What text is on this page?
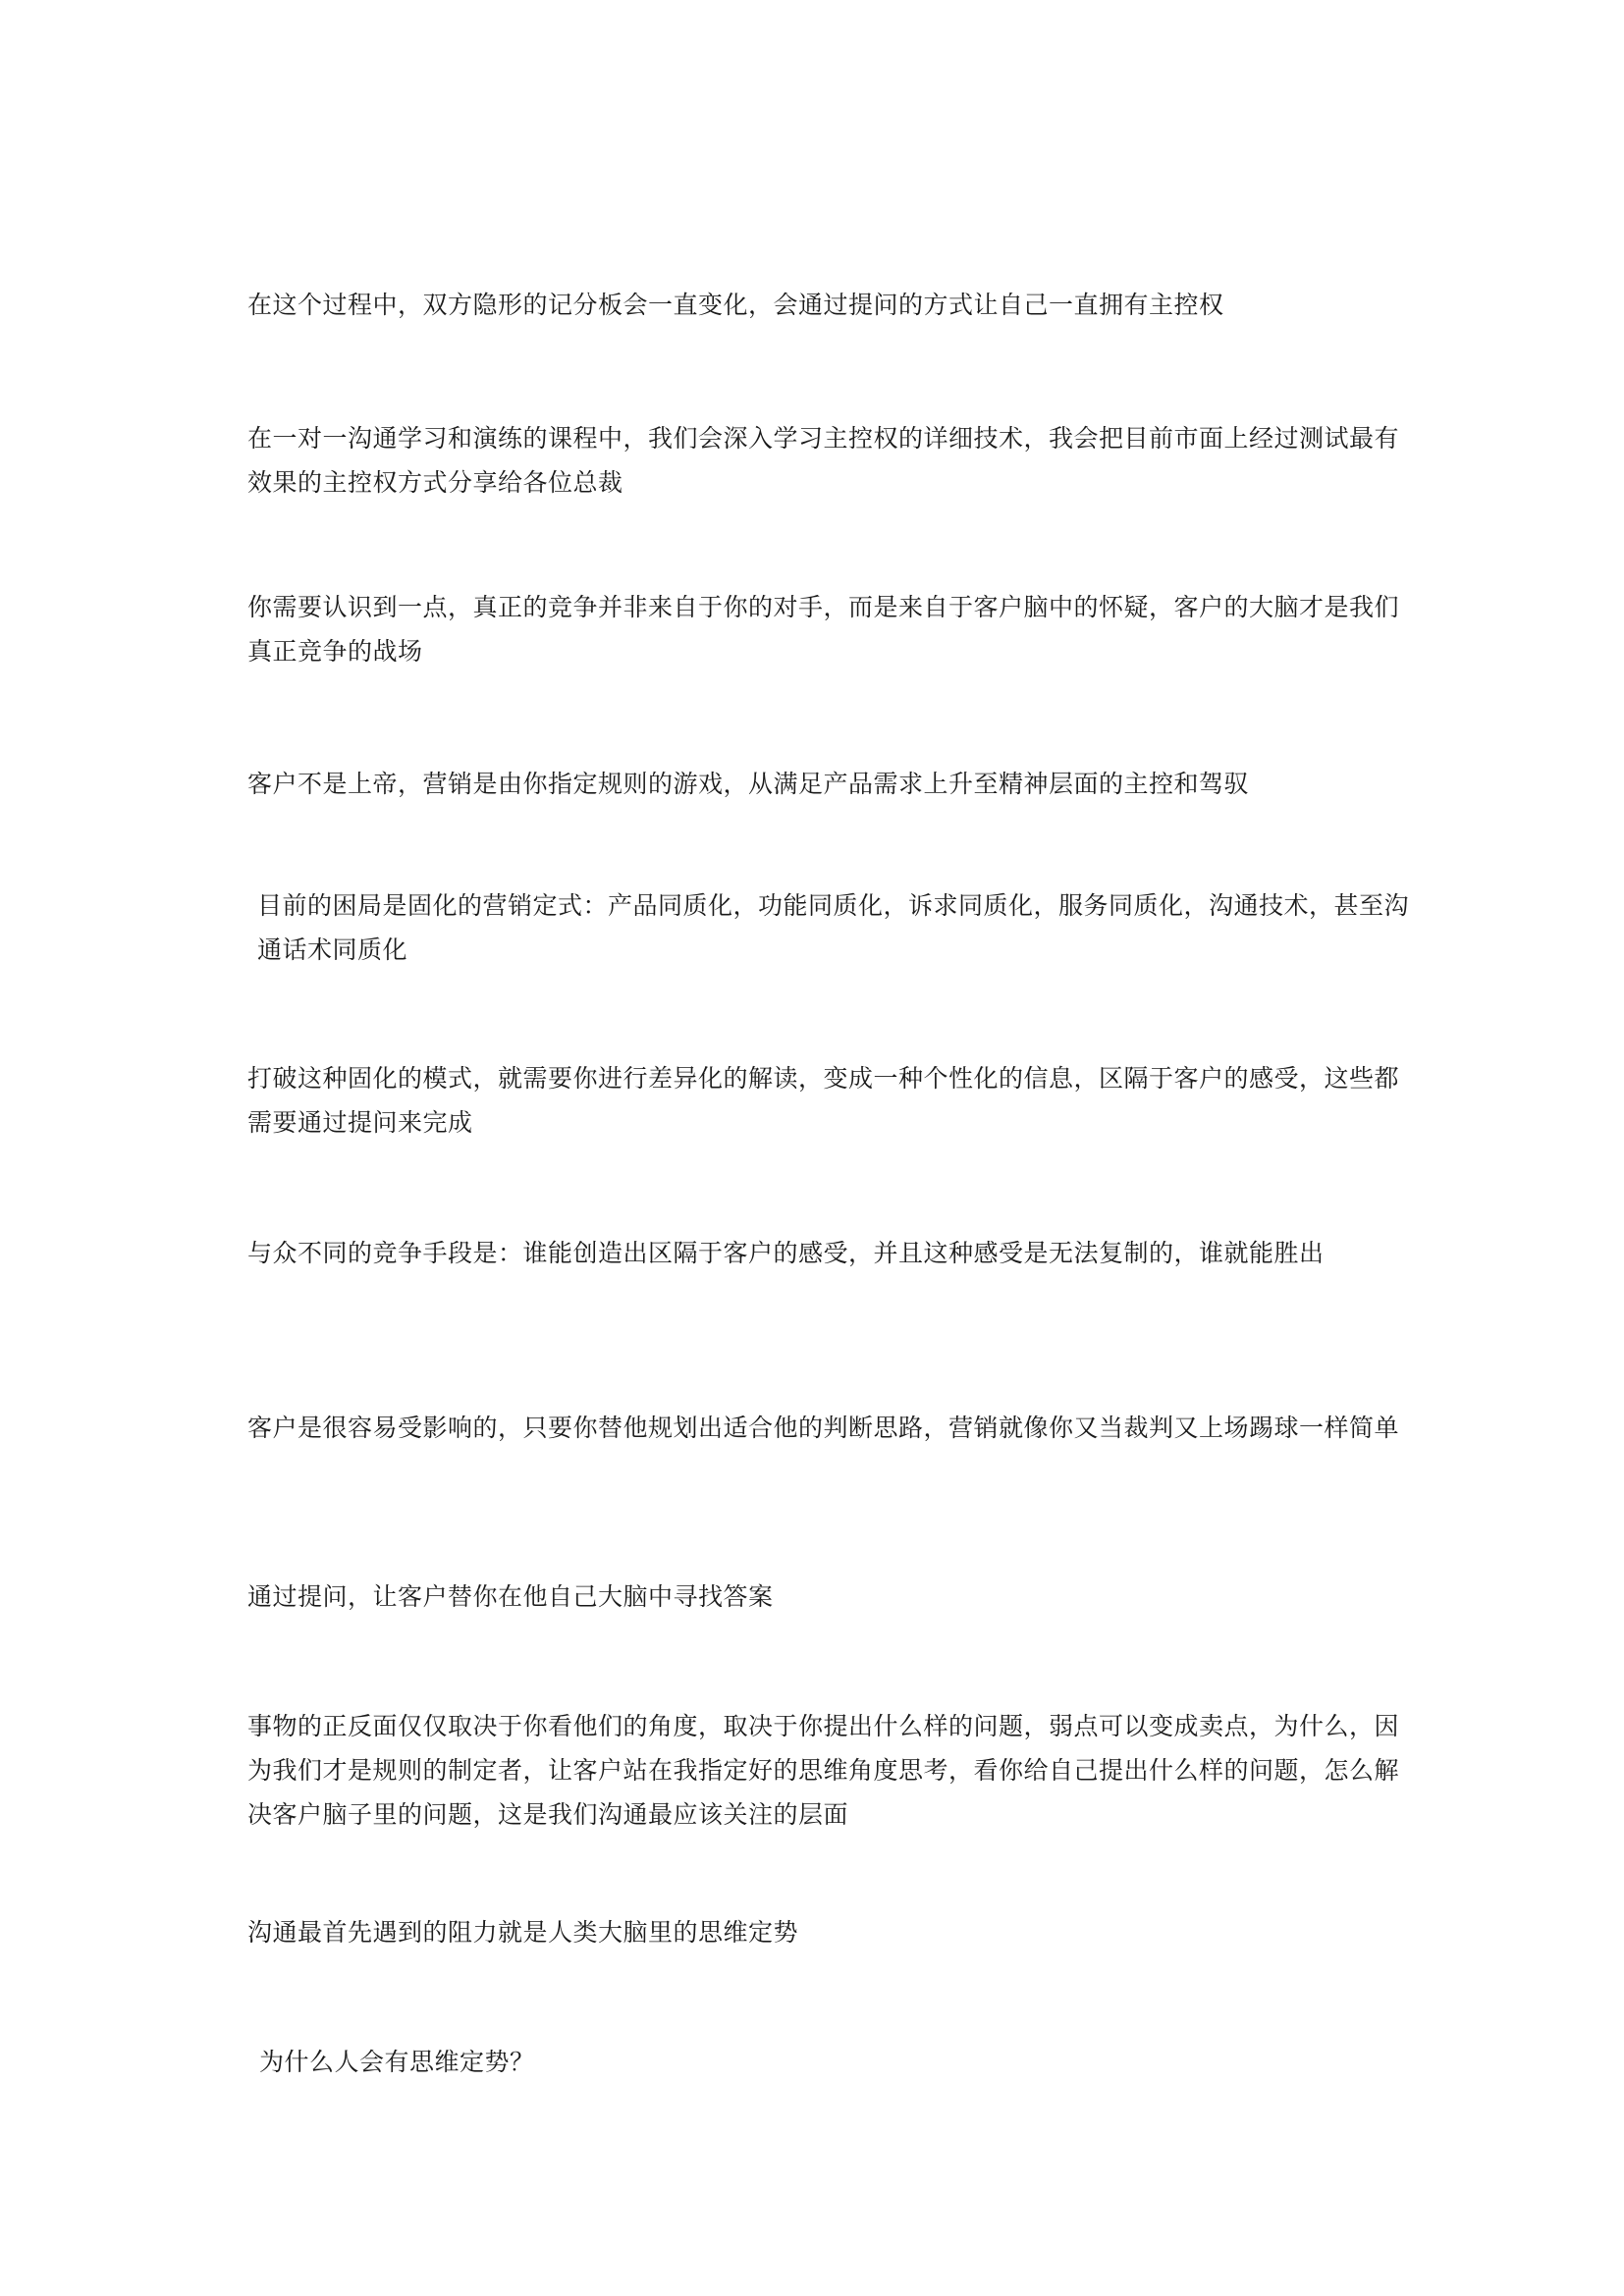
在这个过程中，双方隐形的记分板会一直变化，会通过提问的方式让自己一直拥有主控权

在一对一沟通学习和演练的课程中，我们会深入学习主控权的详细技术，我会把目前市面上经过测试最有效果的主控权方式分享给各位总裁

你需要认识到一点，真正的竞争并非来自于你的对手，而是来自于客户脑中的怀疑，客户的大脑才是我们真正竞争的战场

客户不是上帝，营销是由你指定规则的游戏，从满足产品需求上升至精神层面的主控和驾驭

目前的困局是固化的营销定式：产品同质化，功能同质化，诉求同质化，服务同质化，沟通技术，甚至沟通话术同质化

打破这种固化的模式，就需要你进行差异化的解读，变成一种个性化的信息，区隔于客户的感受，这些都需要通过提问来完成

与众不同的竞争手段是：谁能创造出区隔于客户的感受，并且这种感受是无法复制的，谁就能胜出

客户是很容易受影响的，只要你替他规划出适合他的判断思路，营销就像你又当裁判又上场踢球一样简单

通过提问，让客户替你在他自己大脑中寻找答案

事物的正反面仅仅取决于你看他们的角度，取决于你提出什么样的问题，弱点可以变成卖点，为什么，因为我们才是规则的制定者，让客户站在我指定好的思维角度思考，看你给自己提出什么样的问题，怎么解决客户脑子里的问题，这是我们沟通最应该关注的层面

沟通最首先遇到的阻力就是人类大脑里的思维定势

为什么人会有思维定势？
